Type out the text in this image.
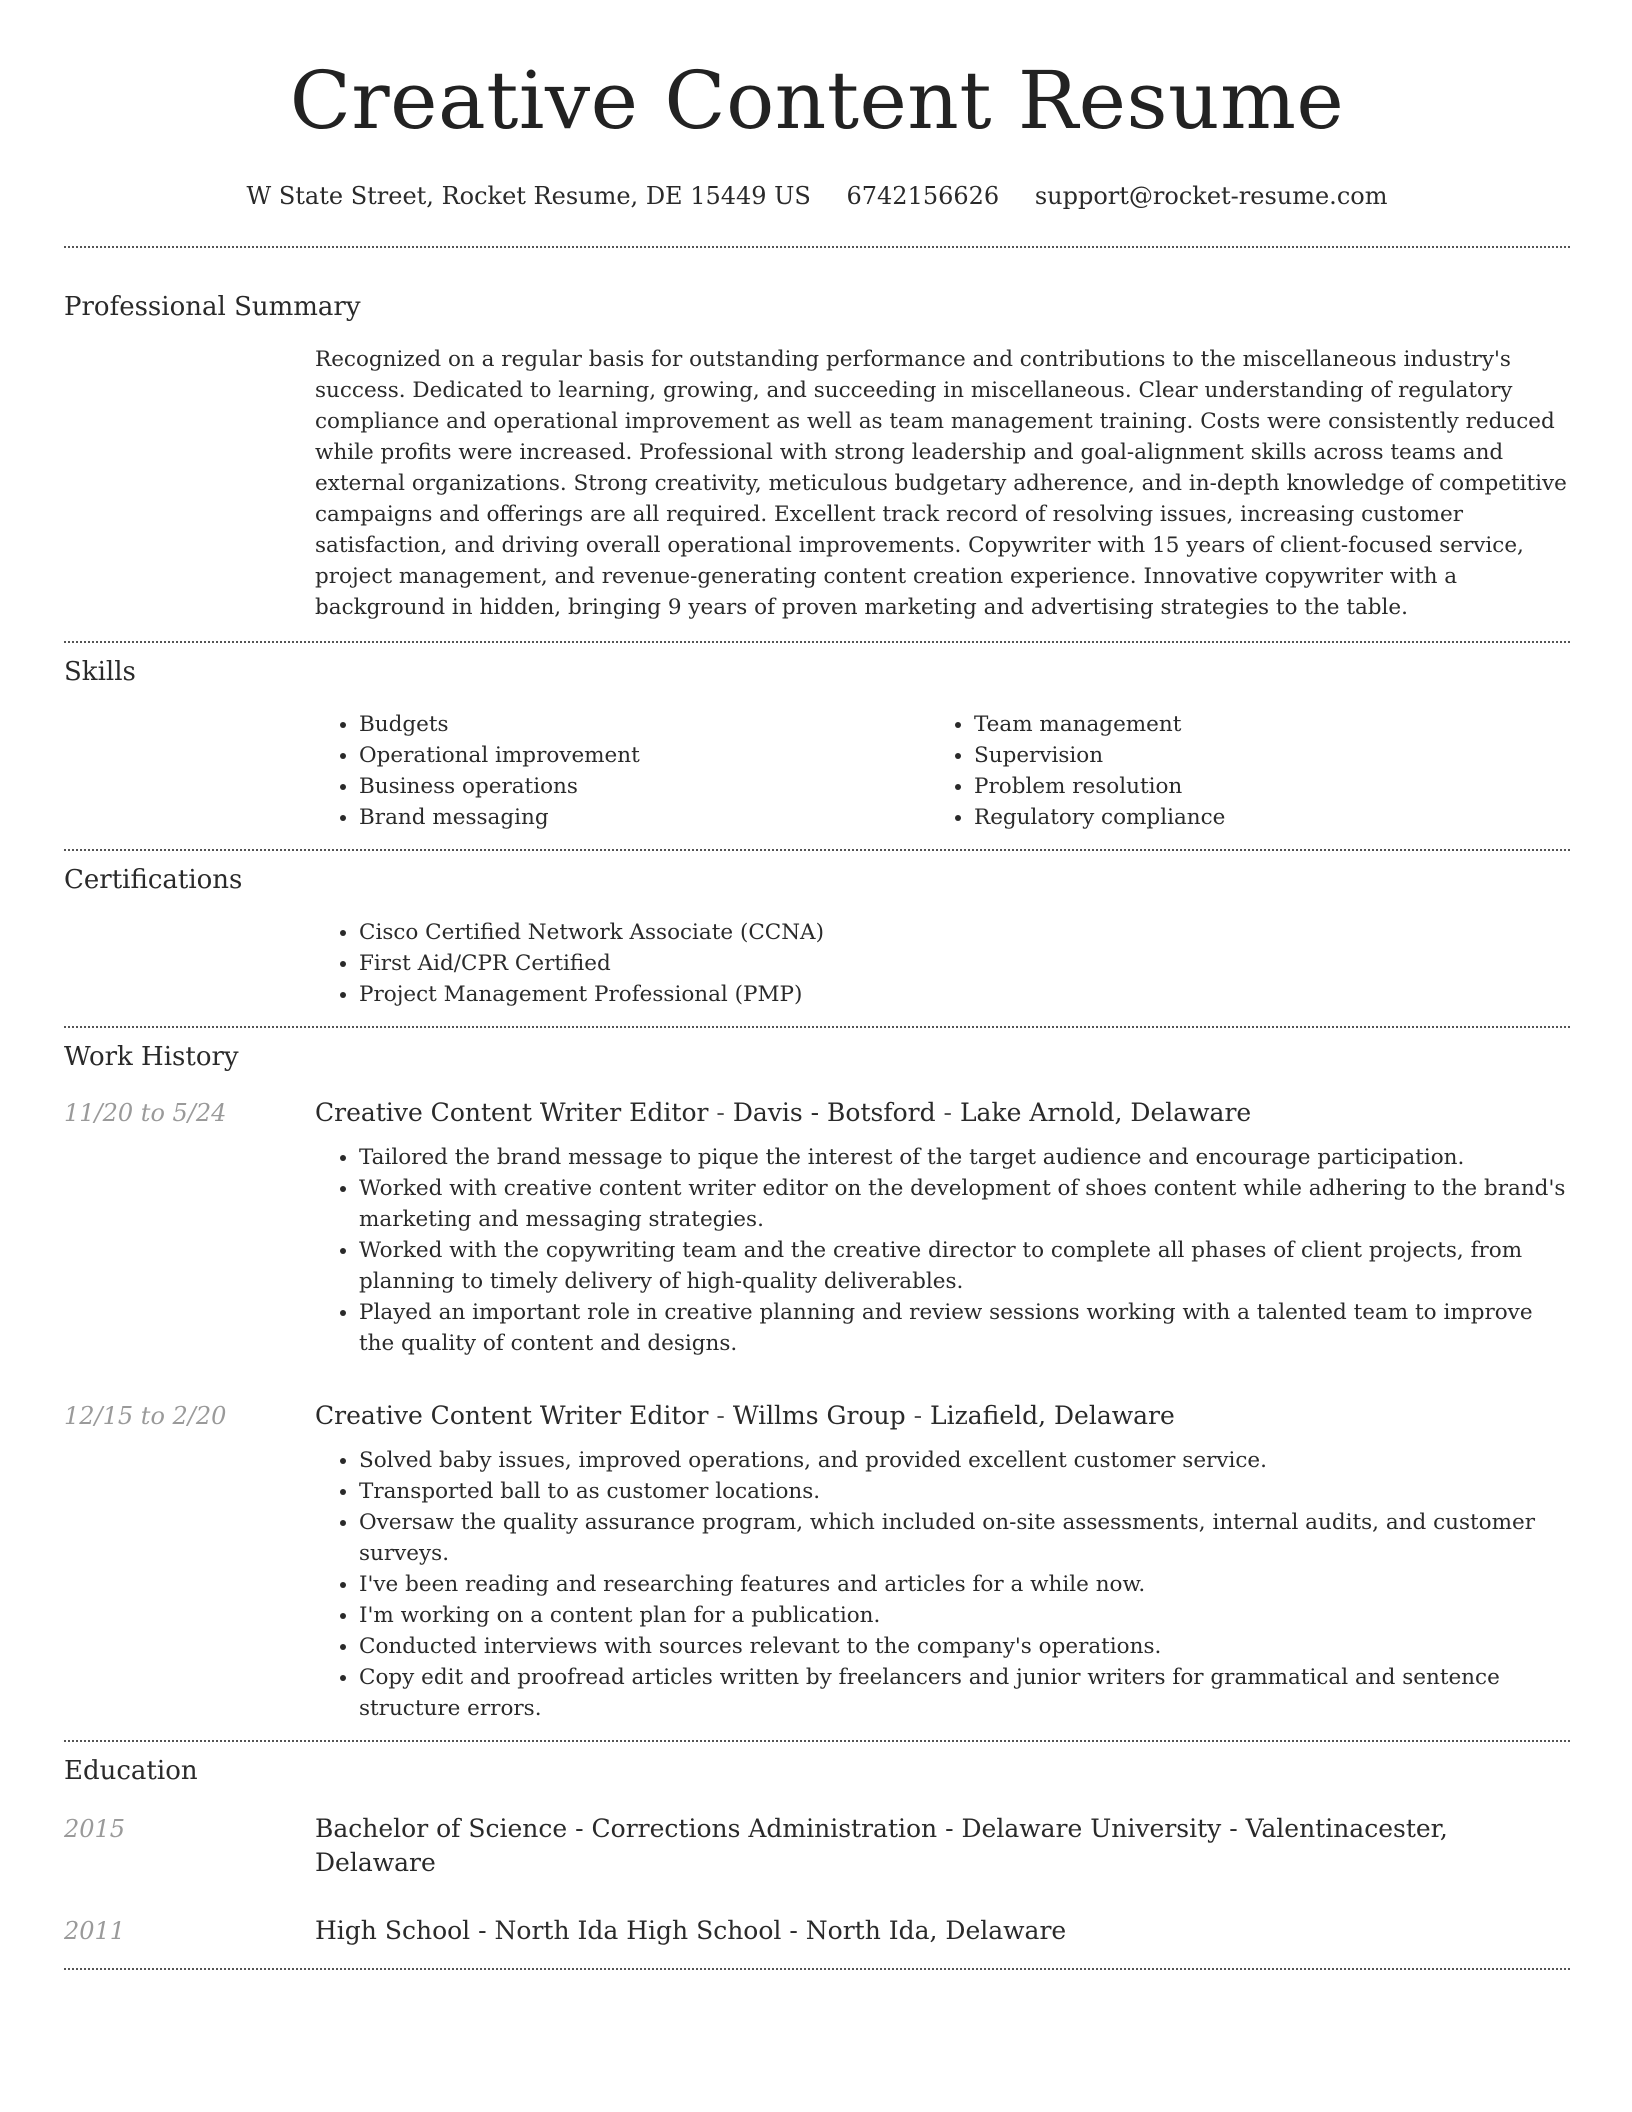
Creative Content Resume
W State Street, Rocket Resume, DE 15449 US 6742156626 support@rocket-resume.com
Professional Summary

Recognized on a regular basis for outstanding performance and contributions to the miscellaneous industry's success. Dedicated to learning, growing, and succeeding in miscellaneous. Clear understanding of regulatory compliance and operational improvement as well as team management training. Costs were consistently reduced while profits were increased. Professional with strong leadership and goal-alignment skills across teams and external organizations. Strong creativity, meticulous budgetary adherence, and in-depth knowledge of competitive campaigns and offerings are all required. Excellent track record of resolving issues, increasing customer satisfaction, and driving overall operational improvements. Copywriter with 15 years of client-focused service, project management, and revenue-generating content creation experience. Innovative copywriter with a background in hidden, bringing 9 years of proven marketing and advertising strategies to the table.

Skills
• Budgets
• Operational improvement
• Business operations
• Brand messaging
• Team management
• Supervision
• Problem resolution
• Regulatory compliance
Certifications
• Cisco Certified Network Associate (CCNA)
• First Aid/CPR Certified
• Project Management Professional (PMP)
Work History
11/20 to 5/24	Creative Content Writer Editor - Davis - Botsford - Lake Arnold, Delaware
• Tailored the brand message to pique the interest of the target audience and encourage participation.
• Worked with creative content writer editor on the development of shoes content while adhering to the brand's marketing and messaging strategies.
• Worked with the copywriting team and the creative director to complete all phases of client projects, from planning to timely delivery of high-quality deliverables.
• Played an important role in creative planning and review sessions working with a talented team to improve the quality of content and designs.
12/15 to 2/20	Creative Content Writer Editor - Willms Group - Lizafield, Delaware
• Solved baby issues, improved operations, and provided excellent customer service.
• Transported ball to as customer locations.
• Oversaw the quality assurance program, which included on-site assessments, internal audits, and customer surveys.
• I've been reading and researching features and articles for a while now.
• I'm working on a content plan for a publication.
• Conducted interviews with sources relevant to the company's operations.
• Copy edit and proofread articles written by freelancers and junior writers for grammatical and sentence structure errors.
Education
2015	Bachelor of Science - Corrections Administration - Delaware University - Valentinacester, Delaware
2011	High School - North Ida High School - North Ida, Delaware
